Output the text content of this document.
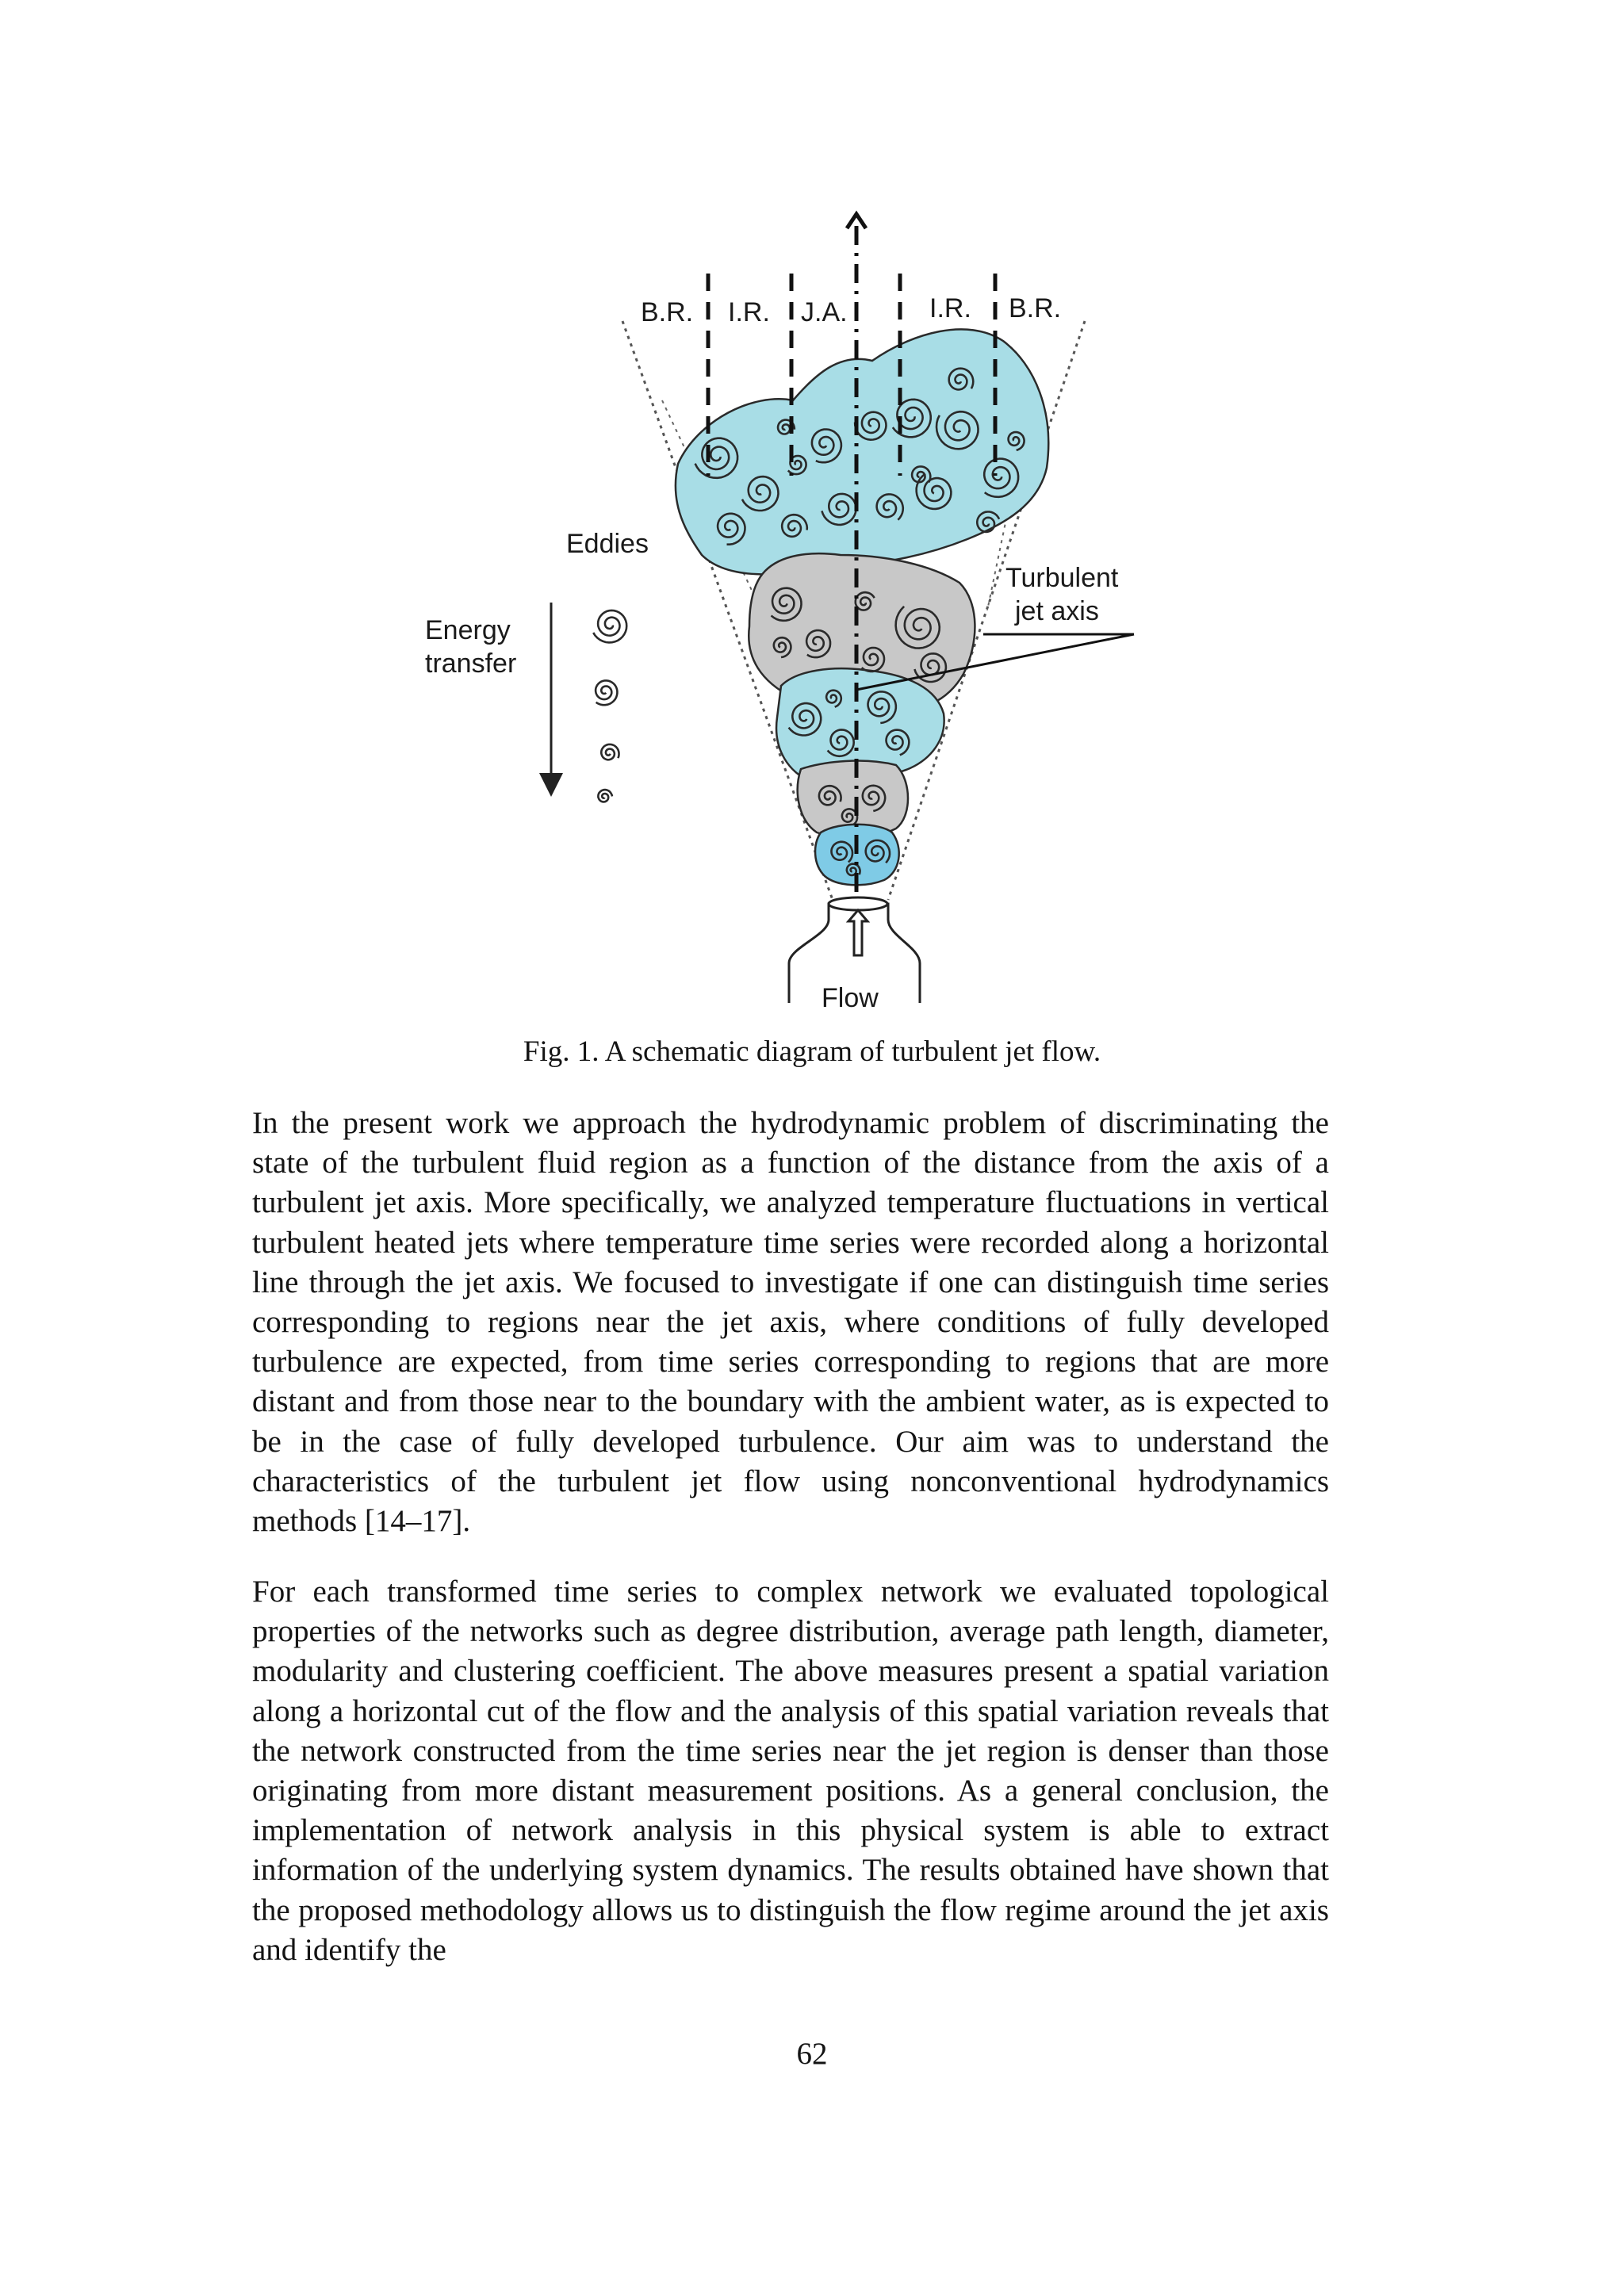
B.R. I.R. J.A.	I.R. B.R.
Eddies
Energy
transfer
Turbulent
jet axis
Flow
Fig. 1. A schematic diagram of turbulent jet flow.

In the present work we approach the hydrodynamic problem of discriminating the state of the turbulent fluid region as a function of the distance from the axis of a turbulent jet axis. More specifically, we analyzed temperature fluctuations in vertical turbulent heated jets where temperature time series were recorded along a horizontal line through the jet axis. We focused to investigate if one can distinguish time series corresponding to regions near the jet axis, where conditions of fully developed turbulence are expected, from time series corresponding to regions that are more distant and from those near to the boundary with the ambient water, as is expected to be in the case of fully developed turbulence. Our aim was to understand the characteristics of the turbulent jet flow using nonconventional hydrodynamics methods [14–17].

For each transformed time series to complex network we evaluated topological properties of the networks such as degree distribution, average path length, diameter, modularity and clustering coefficient. The above measures present a spatial variation along a horizontal cut of the flow and the analysis of this spatial variation reveals that the network constructed from the time series near the jet region is denser than those originating from more distant measurement positions. As a general conclusion, the implementation of network analysis in this physical system is able to extract information of the underlying system dynamics. The results obtained have shown that the proposed methodology allows us to distinguish the flow regime around the jet axis and identify the

62
